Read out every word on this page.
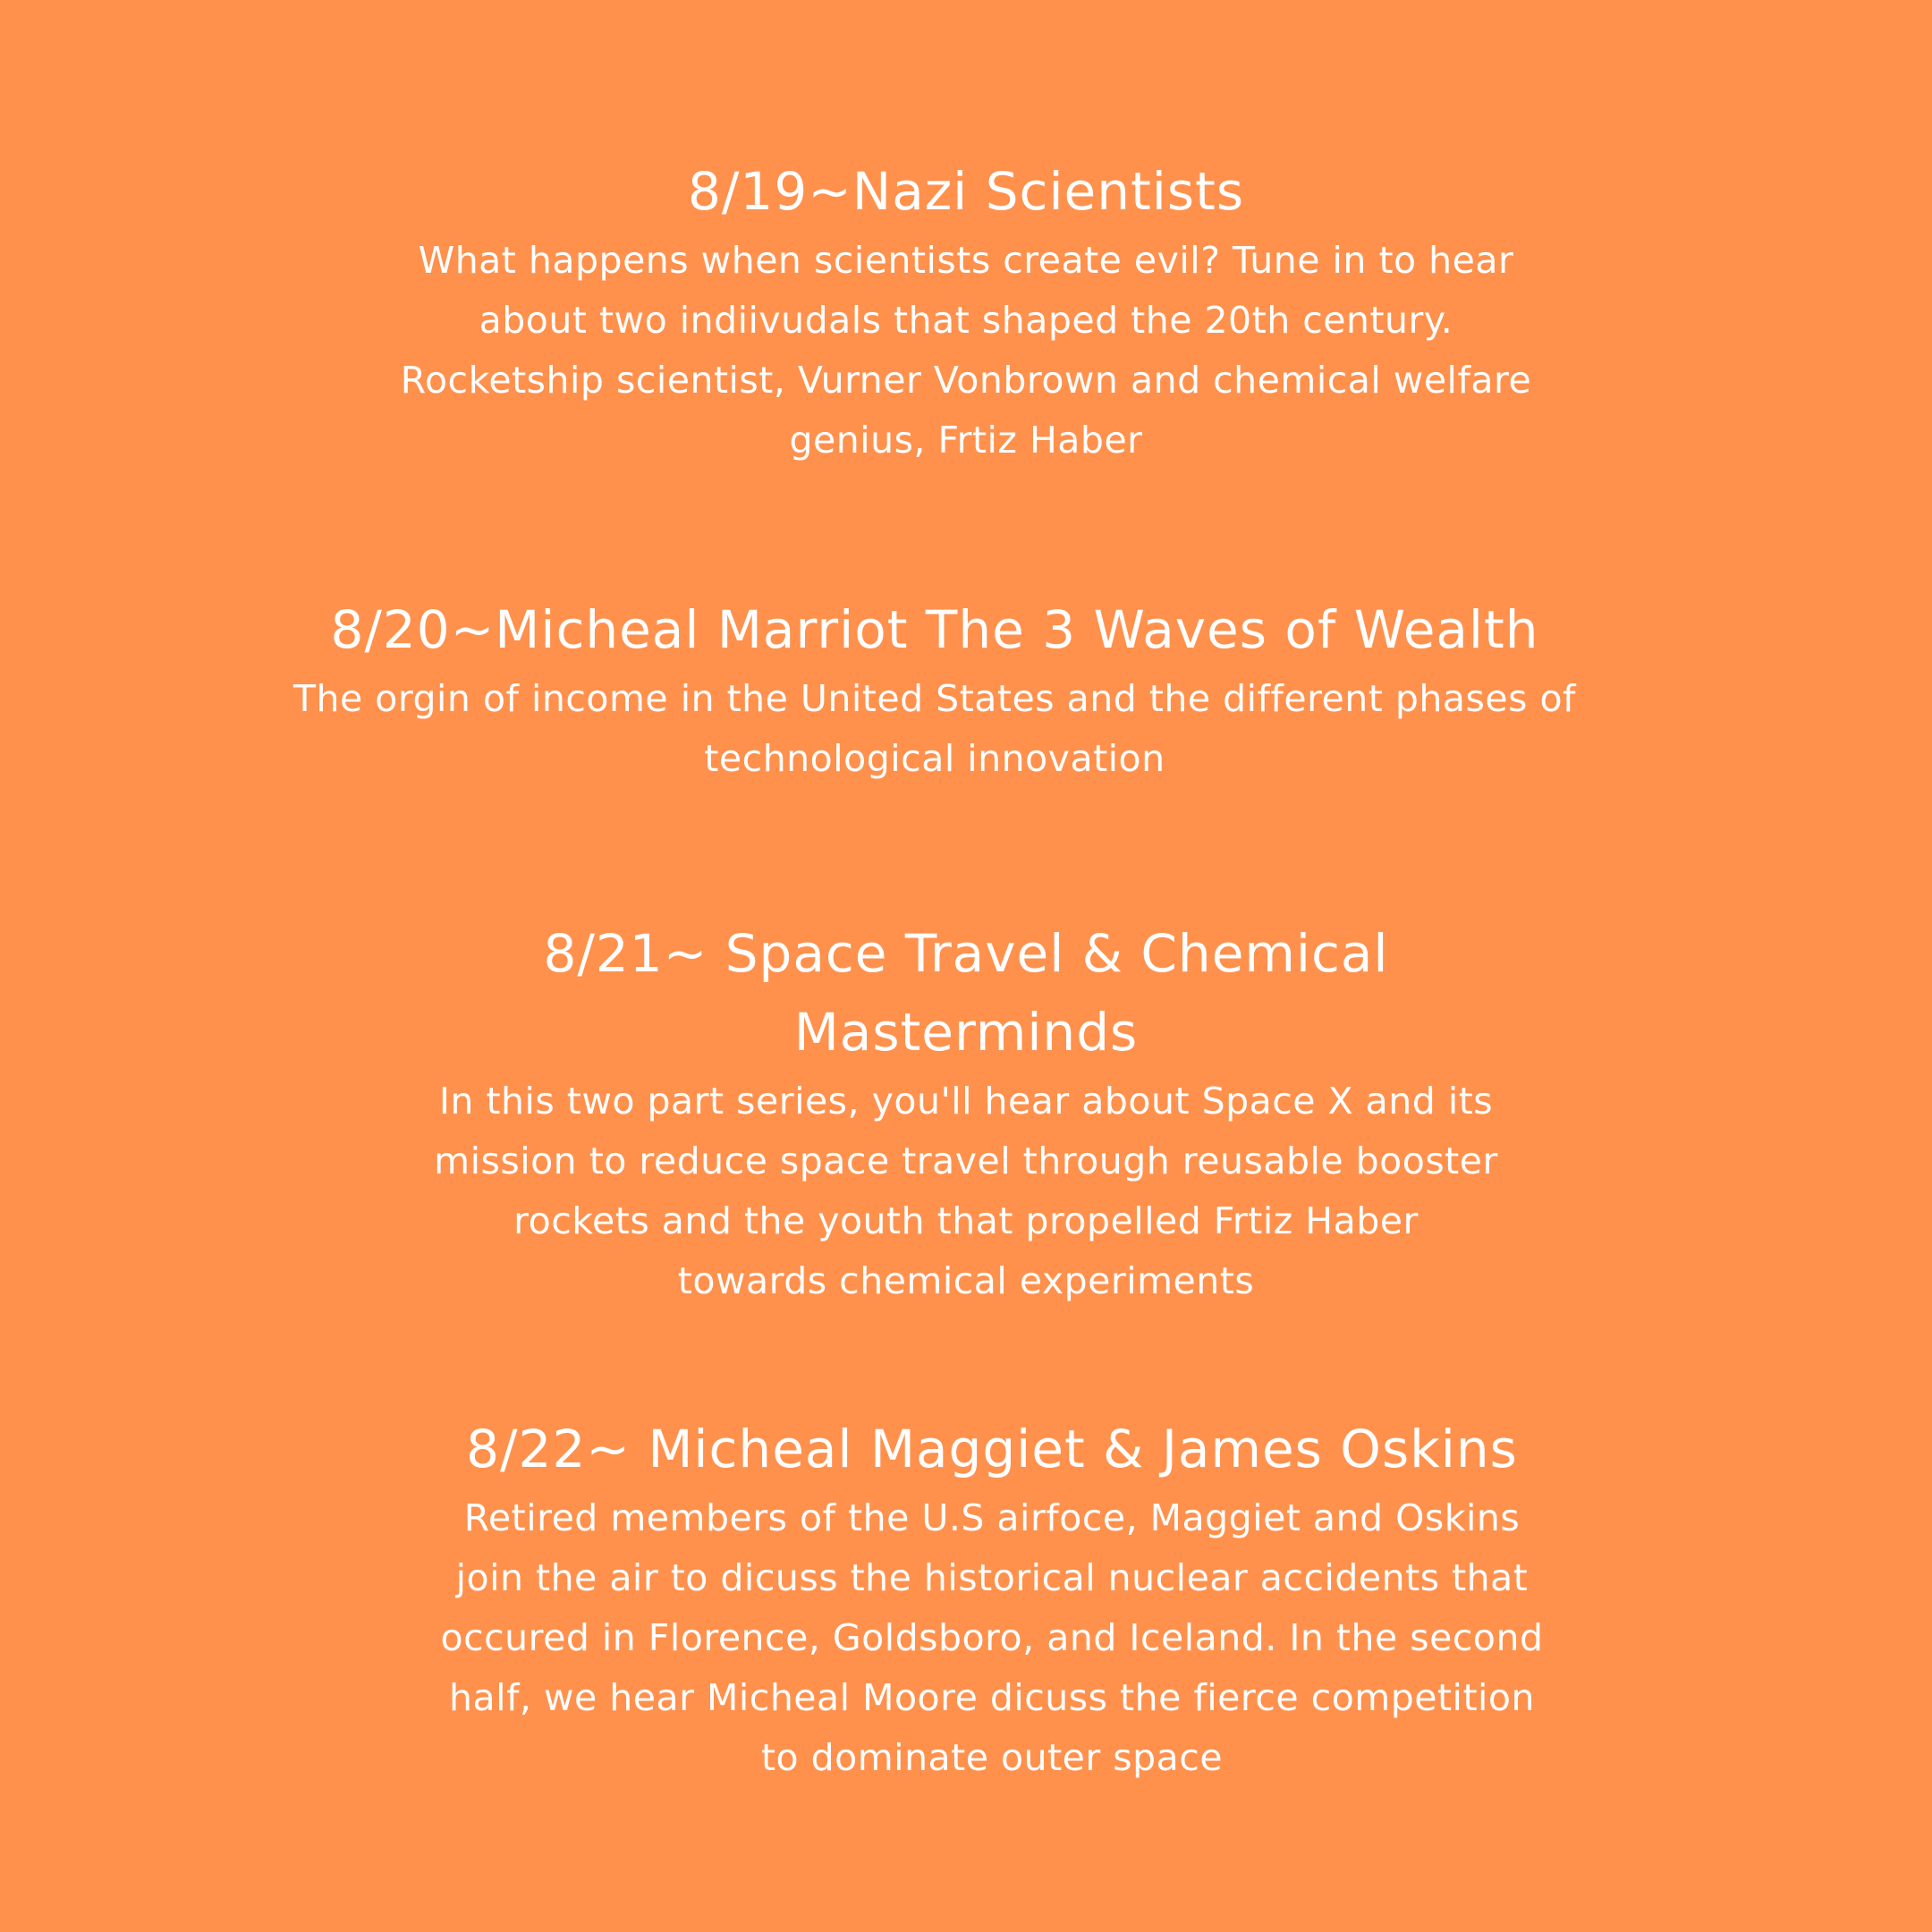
8/19~Nazi Scientists

What happens when scientists create evil? Tune in to hear
about two indiivudals that shaped the 20th century.
Rocketship scientist, Vurner Vonbrown and chemical welfare
genius, Frtiz Haber

8/20~Micheal Marriot The 3 Waves of Wealth

The orgin of income in the United States and the different phases of
technological innovation

8/21~ Space Travel & Chemical
Masterminds

In this two part series, you'll hear about Space X and its
mission to reduce space travel through reusable booster
rockets and the youth that propelled Frtiz Haber
towards chemical experiments

8/22~ Micheal Maggiet & James Oskins

Retired members of the U.S airfoce, Maggiet and Oskins
join the air to dicuss the historical nuclear accidents that
occured in Florence, Goldsboro, and Iceland. In the second
half, we hear Micheal Moore dicuss the fierce competition
to dominate outer space
